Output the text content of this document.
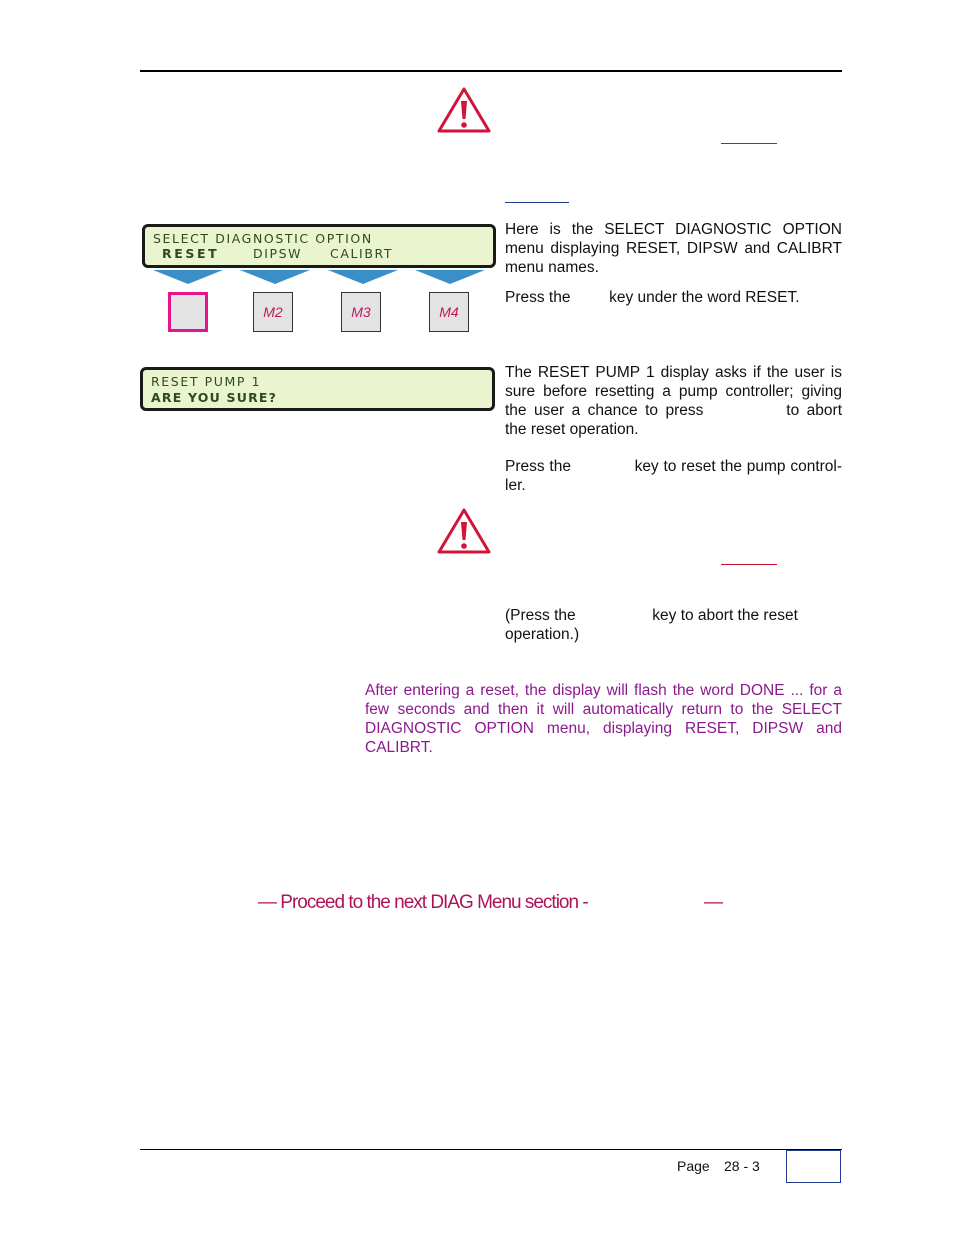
SELECT DIAGNOSTIC OPTION
RESET	DIPSW CALIBRT
M2	M3	M4
RESET PUMP 1
ARE YOU SURE?
Here is the SELECT DIAGNOSTIC OPTION menu displaying RESET, DIPSW and CALIBRT menu names.
Press the key under the word RESET.
The RESET PUMP 1 display asks if the user is sure before resetting a pump controller; giving the user a chance to press	to abort the reset operation.
Press the	key to reset the pump control-ler.
(Press the	key to abort the reset operation.)
After entering a reset, the display will flash the word DONE ... for a few seconds and then it will automatically return to the SELECT DIAGNOSTIC OPTION menu, displaying RESET, DIPSW and CALIBRT.
— Proceed to the next DIAG Menu section -	—
Page 28 - 3
